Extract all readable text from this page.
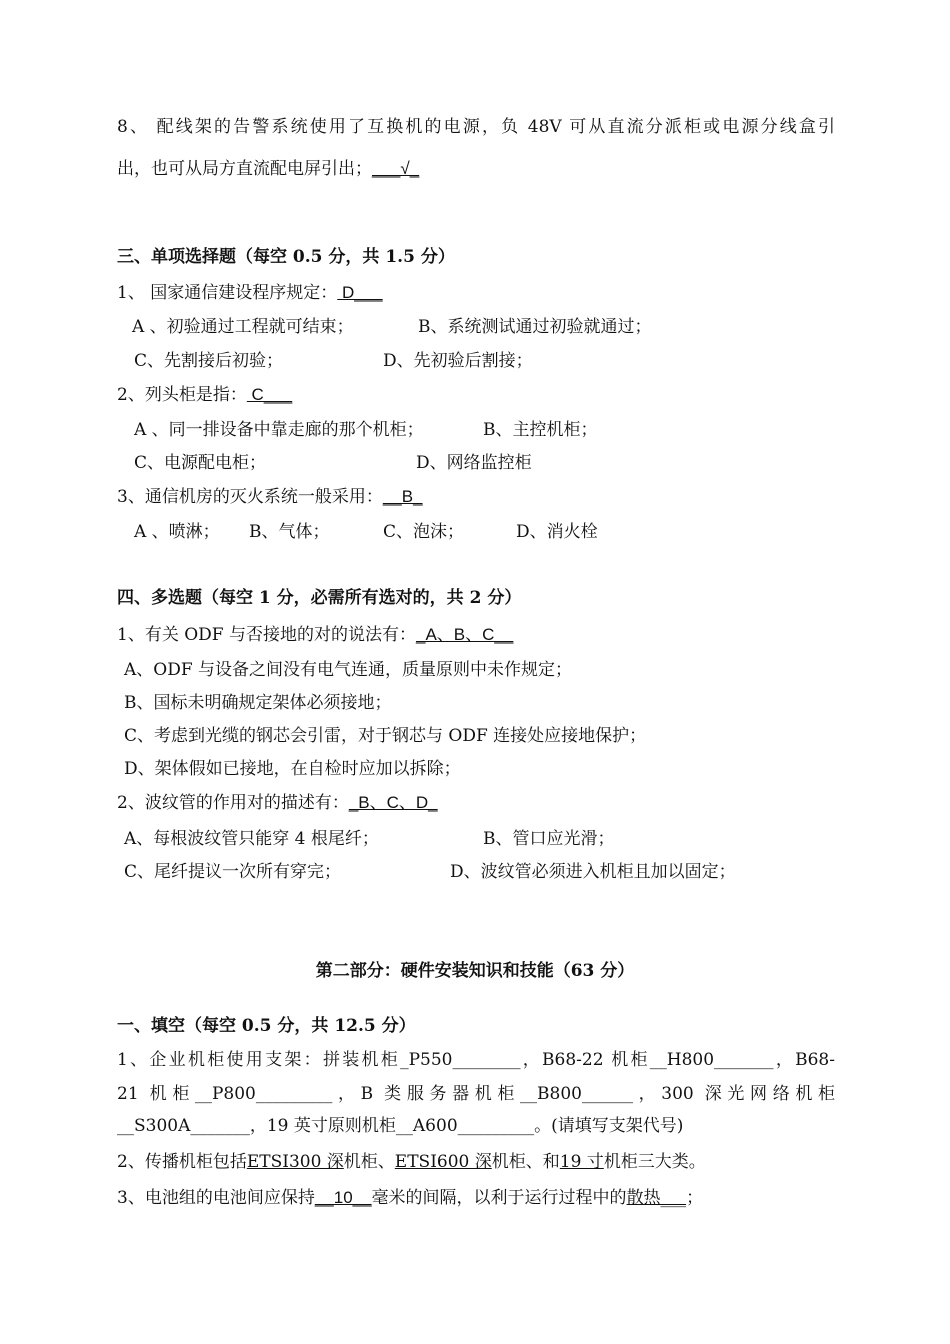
8、 配线架的告警系统使用了互换机的电源，负 48V 可从直流分派柜或电源分线盒引
出，也可从局方直流配电屏引出；___√_
三、单项选择题（每空 0.5 分，共 1.5 分）
1、 国家通信建设程序规定： D___
A 、初验通过工程就可结束；	B、系统测试通过初验就通过；
C、先割接后初验；	D、先初验后割接；
2、列头柜是指： C___
A 、同一排设备中靠走廊的那个机柜；	B、主控机柜；
C、电源配电柜；	D、网络监控柜
3、通信机房的灭火系统一般采用：__B_
A 、喷淋； B、气体；	C、泡沫；	D、消火栓
四、多选题（每空 1 分，必需所有选对的，共 2 分）
1、有关 ODF 与否接地的对的说法有：_A、B、C__
A、ODF 与设备之间没有电气连通，质量原则中未作规定；
B、国标未明确规定架体必须接地；
C、考虑到光缆的钢芯会引雷，对于钢芯与 ODF 连接处应接地保护；
D、架体假如已接地，在自检时应加以拆除；
2、波纹管的作用对的描述有：_B、C、D_
A、每根波纹管只能穿 4 根尾纤；	B、管口应光滑；
C、尾纤提议一次所有穿完；	D、波纹管必须进入机柜且加以固定；
第二部分：硬件安装知识和技能（63 分）
一、填空（每空 0.5 分，共 12.5 分）
1、企业机柜使用支架：拼装机柜_P550________，B68-22 机柜__H800_______，B68-
21 机柜__P800_________，B 类服务器机柜__B800______，300 深光网络机柜
__S300A_______，19 英寸原则机柜__A600_________。(请填写支架代号)
2、传播机柜包括ETSI300 深机柜、ETSI600 深机柜、和19 寸机柜三大类。
3、电池组的电池间应保持__10__毫米的间隔，以利于运行过程中的散热___；
